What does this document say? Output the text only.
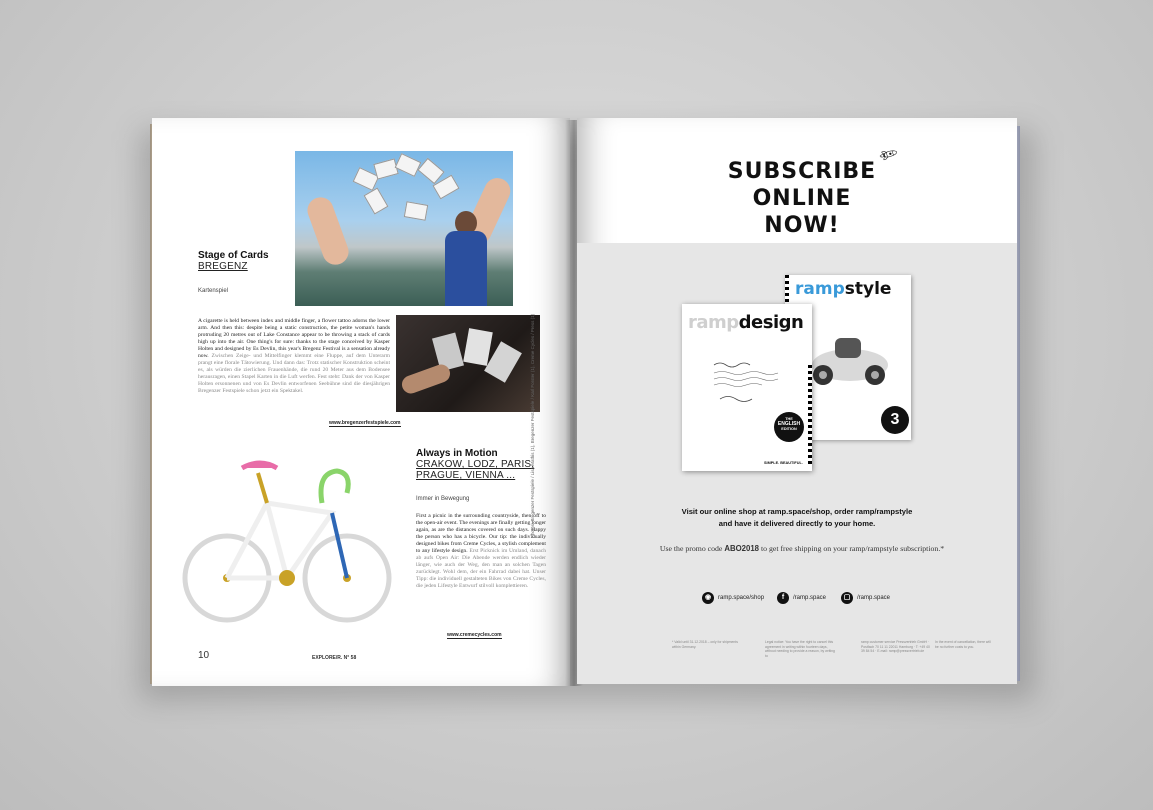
Stage of Cards
BREGENZ
Kartenspiel
A cigarette is held between index and middle finger, a flower tattoo adorns the lower arm. And then this: despite being a static construction, the petite woman's hands protruding 20 metres out of Lake Constance appear to be throwing a stack of cards high up into the air. One thing's for sure: thanks to the stage conceived by Kasper Holten and designed by Es Devlin, this year's Bregenz Festival is a sensation already now. Zwischen Zeige- und Mittelfinger klemmt eine Fluppe, auf dem Unterarm prangt eine florale Tätowierung. Und dann das: Trotz statischer Konstruktion scheint es, als würden die zierlichen Frauenhände, die rund 20 Meter aus dem Bodensee herausragen, einen Stapel Karten in die Luft werfen. Fest steht: Dank der von Kasper Holten ersonnenen und von Es Devlin entworfenen Seebühne sind die diesjährigen Bregenzer Festspiele schon jetzt ein Spektakel.
www.bregenzerfestspiele.com
Always in Motion
CRAKOW, LODZ, PARIS,
PRAGUE, VIENNA ...
Immer in Bewegung
First a picnic in the surrounding countryside, then off to the open-air event. The evenings are finally getting longer again, as are the distances covered on such days. Happy the person who has a bicycle. Our tip: the individually designed bikes from Creme Cycles, a stylish complement to any lifestyle design. Erst Picknick im Umland, danach ab aufs Open Air: Die Abende werden endlich wieder länger, wie auch der Weg, den man an solchen Tagen zurücklegt. Wohl dem, der ein Fahrrad dabei hat. Unser Tipp: die individuell gestalteten Bikes von Creme Cycles, die jeden Lifestyle Entwurf stilvoll komplettieren.
www.cremecycles.com
Photos: Bregenzer Festspiele / Lisa Mathis (1), Bregenzer Festspiele / Karl Forster (1), Creme Cycles / Press (1)
10	EXPLORE/R. N° 58
SUBSCRIBE
ONLINE NOW!
🚀︎
rampstyle
3
rampdesign
THE
ENGLISH
EDITION
SIMPLE. BEAUTIFUL.
Visit our online shop at ramp.space/shop, order ramp/rampstyle
and have it delivered directly to your home.
Use the promo code ABO2018 to get free shipping on your ramp/rampstyle subscription.*
◉	ramp.space/shop	f	/ramp.space	▢	/ramp.space
* Valid until 31.12.2018 – only for shipments within Germany.
Legal notice: You have the right to cancel this agreement in writing within fourteen days, without needing to provide a reason, by writing to
ramp customer service Pressvertrieb GmbH · Postfach 70 11 11 22011 Hamburg · T: +49 40 39 84 54 · E-mail: ramp@pressvertrieb.de
In the event of cancellation, there will be no further costs to you.
